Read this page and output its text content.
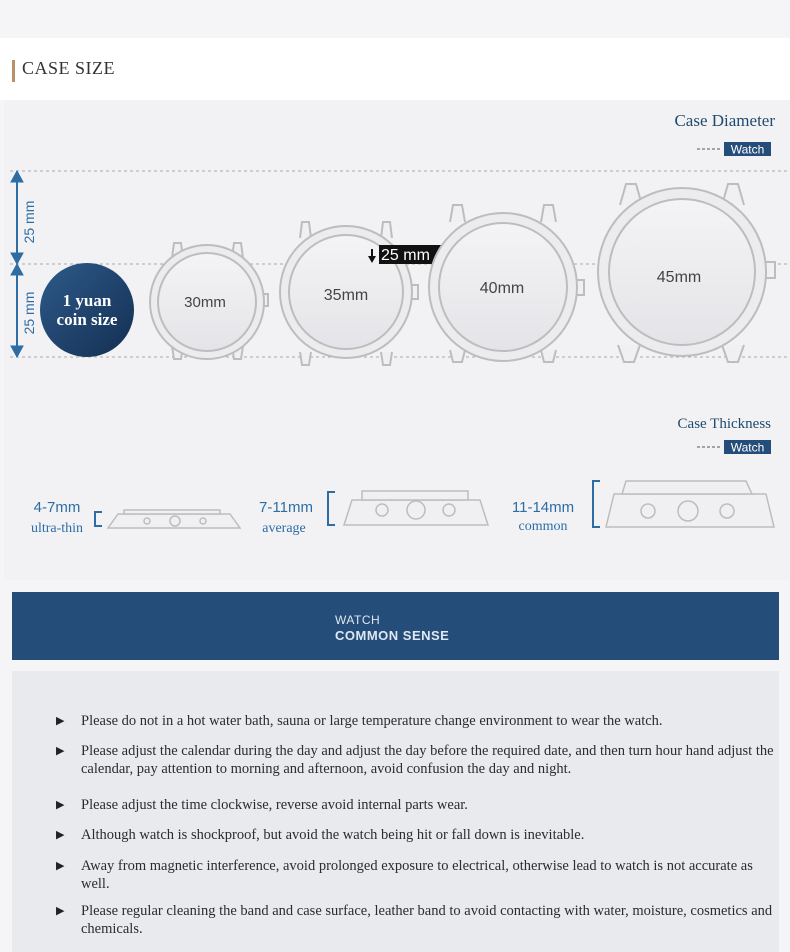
CASE SIZE
Case Diameter
Watch
25 mm
25 mm 1 yuan
coin size
30mm	35mm
25 mm
40mm
45mm
Case Thickness
Watch
4-7mm
ultra-thin
7-11mm
average
11-14mm
common
WATCH
COMMON SENSE
▶	Please do not in a hot water bath, sauna or large temperature change environment to wear the watch.
▶	Please adjust the calendar during the day and adjust the day before the required date, and then turn hour hand adjust the calendar, pay attention to morning and afternoon, avoid confusion the day and night.
▶	Please adjust the time clockwise, reverse avoid internal parts wear.
▶	Although watch is shockproof, but avoid the watch being hit or fall down is inevitable.
▶	Away from magnetic interference, avoid prolonged exposure to electrical, otherwise lead to watch is not accurate as well.
▶	Please regular cleaning the band and case surface, leather band to avoid contacting with water, moisture, cosmetics and chemicals.
